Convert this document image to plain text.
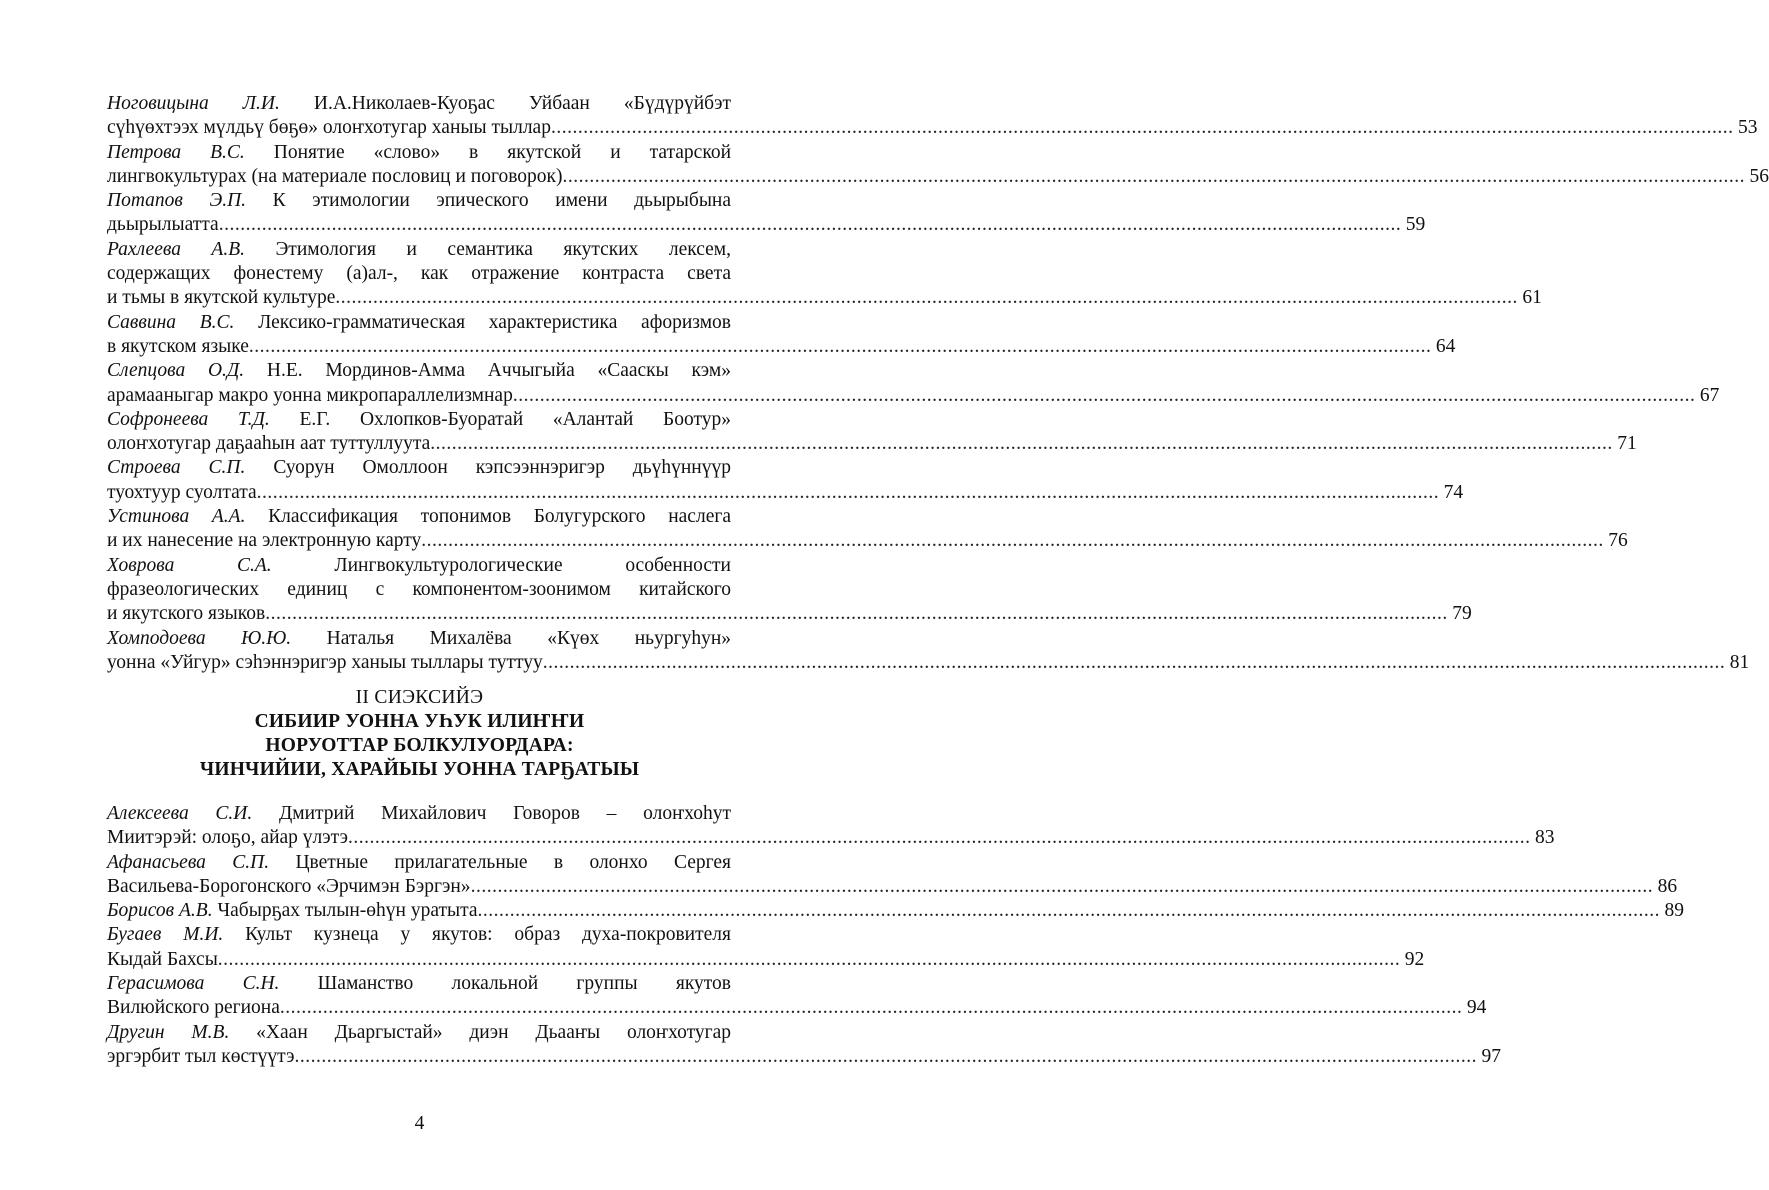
Ноговицына Л.И. И.А.Николаев-Куоҕас Уйбаан «Бүдүрүйбэт
сүһүөхтээх мүлдьү бөҕө» олоҥхотугар ханыы тыллар ............................................................................................................................................................................................................................ 53
Петрова В.С. Понятие «слово» в якутской и татарской
лингвокультурах (на материале пословиц и поговорок) ............................................................................................................................................................................................................................ 56
Потапов Э.П. К этимологии эпического имени дьырыбына
дьырылыатта ............................................................................................................................................................................................................................ 59
Рахлеева А.В. Этимология и семантика якутских лексем,
содержащих фонестему (а)ал-, как отражение контраста света
и тьмы в якутской культуре ............................................................................................................................................................................................................................ 61
Саввина В.С. Лексико-грамматическая характеристика афоризмов
в якутском языке ............................................................................................................................................................................................................................ 64
Слепцова О.Д. Н.Е. Мординов-Амма Аччыгыйа «Сааскы кэм»
арамааныгар макро уонна микропараллелизмнар ............................................................................................................................................................................................................................ 67
Софронеева Т.Д. Е.Г. Охлопков-Буоратай «Алантай Боотур»
олоҥхотугар даҕааһын аат туттуллуута ............................................................................................................................................................................................................................ 71
Строева С.П. Суорун Омоллоон кэпсээннэригэр дьүһүннүүр
туохтуур суолтата ............................................................................................................................................................................................................................ 74
Устинова А.А. Классификация топонимов Болугурского наслега
и их нанесение на электронную карту ............................................................................................................................................................................................................................ 76
Ховрова С.А.	Лингвокультурологические особенности
фразеологических единиц с компонентом-зоонимом китайского
и якутского языков ............................................................................................................................................................................................................................ 79
Хомподоева Ю.Ю. Наталья Михалёва «Күөх ньургуһун»
уонна «Уйгур» сэһэннэригэр ханыы тыллары туттуу ............................................................................................................................................................................................................................ 81
II СИЭКСИЙЭ
СИБИИР УОННА УҺУК ИЛИҤҤИ
НОРУОТТАР БОЛКУЛУОРДАРА:
ЧИНЧИЙИИ, ХАРАЙЫЫ УОННА ТАРҔАТЫЫ
Алексеева С.И. Дмитрий Михайлович Говоров – олоҥхоһут
Миитэрэй: олоҕо, айар үлэтэ ............................................................................................................................................................................................................................ 83
Афанасьева С.П. Цветные прилагательные в олонхо Сергея
Васильева-Борогонского «Эрчимэн Бэргэн» ............................................................................................................................................................................................................................ 86
Борисов А.В. Чабырҕах тылын-өһүн уратыта ............................................................................................................................................................................................................................ 89
Бугаев М.И. Культ кузнеца у якутов: образ духа-покровителя
Кыдай Бахсы ............................................................................................................................................................................................................................ 92
Герасимова С.Н. Шаманство локальной группы якутов
Вилюйского региона ............................................................................................................................................................................................................................ 94
Другин М.В. «Хаан Дьаргыстай» диэн Дьааҥы олоҥхотугар
эргэрбит тыл көстүүтэ ............................................................................................................................................................................................................................ 97
4
